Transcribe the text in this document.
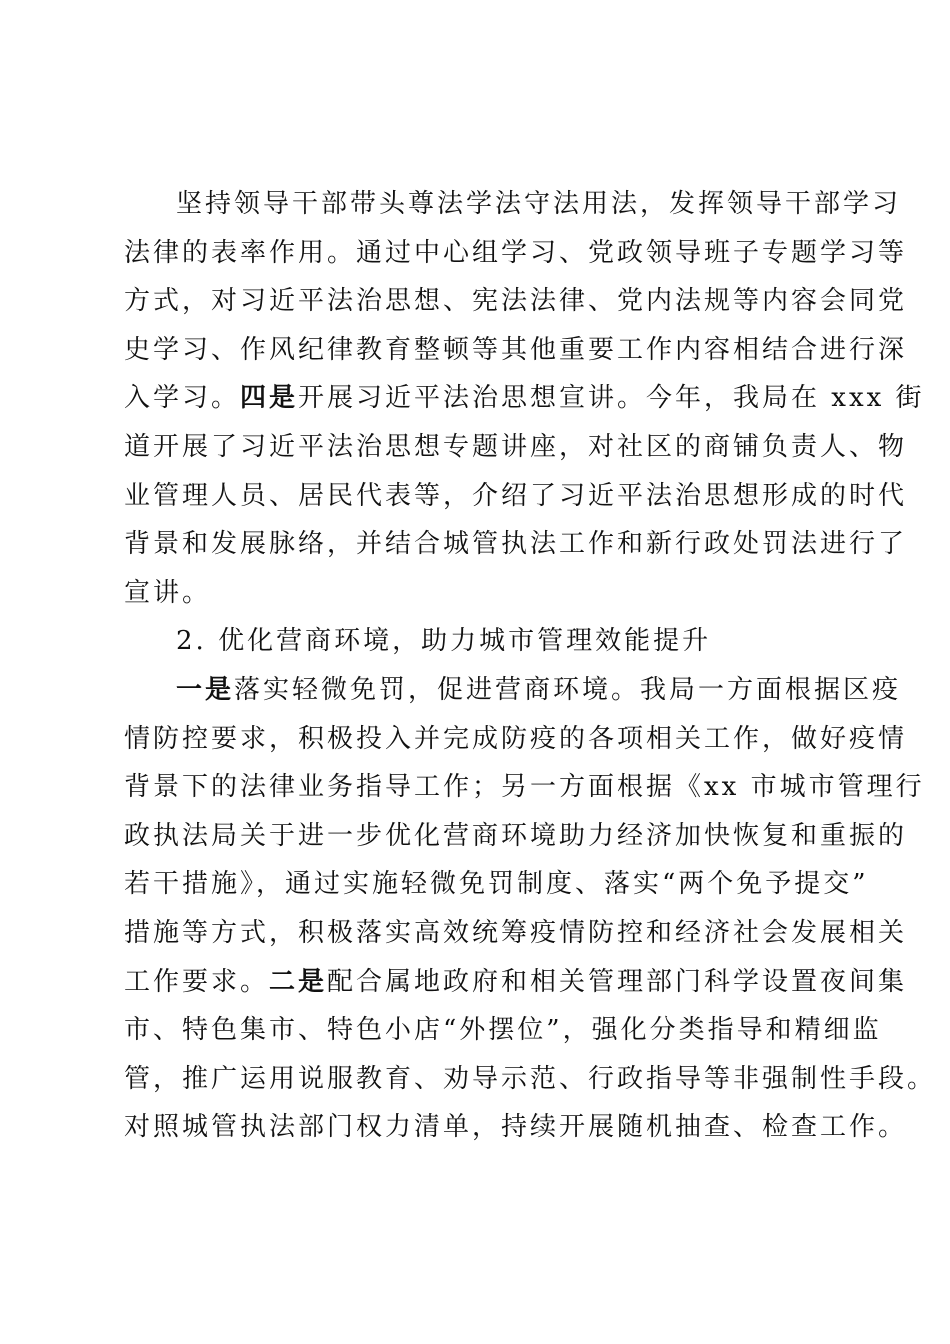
坚持领导干部带头尊法学法守法用法，发挥领导干部学习
法律的表率作用。通过中心组学习、党政领导班子专题学习等
方式，对习近平法治思想、宪法法律、党内法规等内容会同党
史学习、作风纪律教育整顿等其他重要工作内容相结合进行深
入学习。四是开展习近平法治思想宣讲。今年，我局在 xxx 街
道开展了习近平法治思想专题讲座，对社区的商铺负责人、物
业管理人员、居民代表等，介绍了习近平法治思想形成的时代
背景和发展脉络，并结合城管执法工作和新行政处罚法进行了
宣讲。
2. 优化营商环境，助力城市管理效能提升
一是落实轻微免罚，促进营商环境。我局一方面根据区疫
情防控要求，积极投入并完成防疫的各项相关工作，做好疫情
背景下的法律业务指导工作；另一方面根据《xx 市城市管理行
政执法局关于进一步优化营商环境助力经济加快恢复和重振的
若干措施》，通过实施轻微免罚制度、落实“两个免予提交”
措施等方式，积极落实高效统筹疫情防控和经济社会发展相关
工作要求。二是配合属地政府和相关管理部门科学设置夜间集
市、特色集市、特色小店“外摆位”，强化分类指导和精细监
管，推广运用说服教育、劝导示范、行政指导等非强制性手段。
对照城管执法部门权力清单，持续开展随机抽查、检查工作。
